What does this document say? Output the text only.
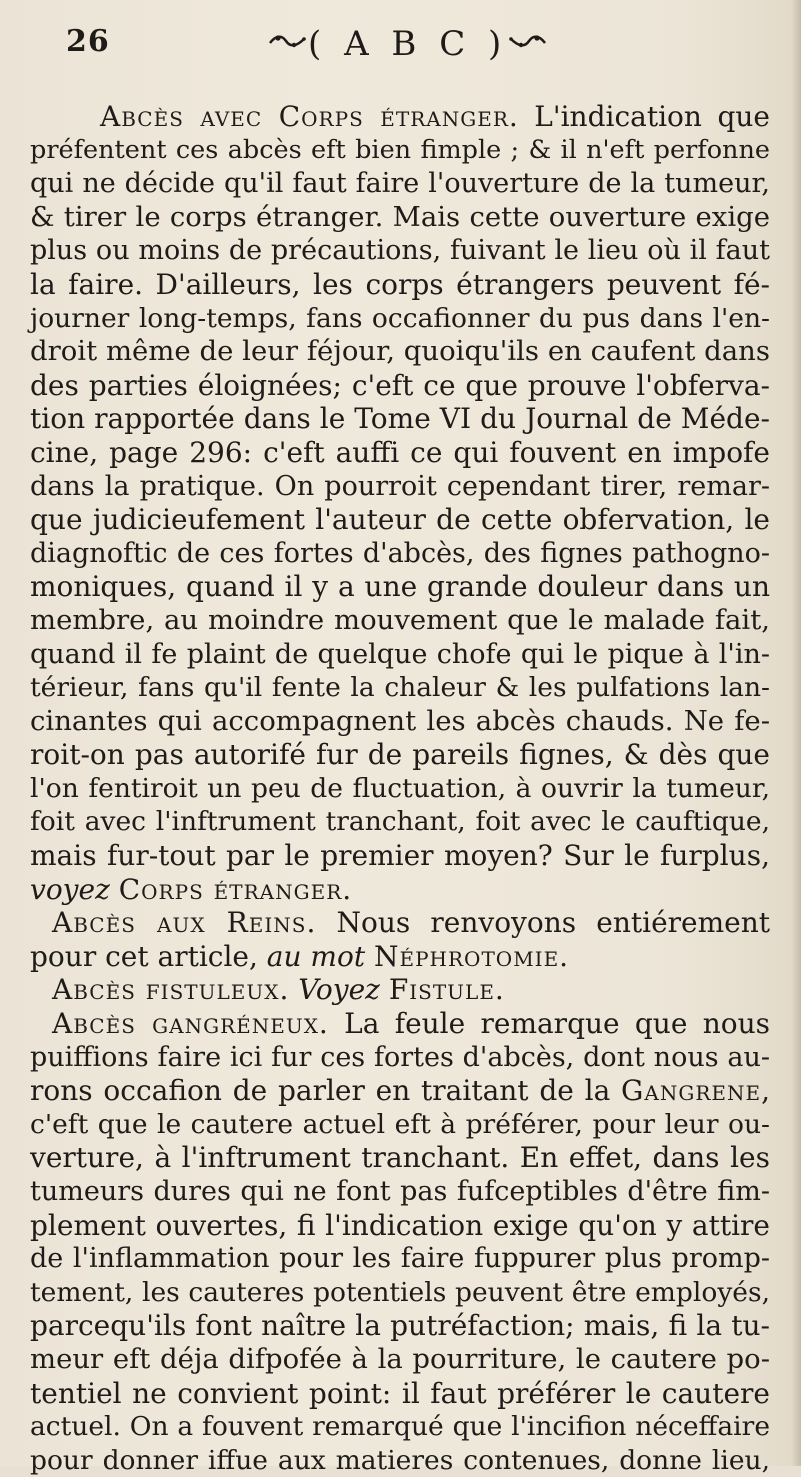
26	( A B C )
Abcès avec Corps étranger. L'indication que
préfentent ces abcès eft bien fimple ; & il n'eft perfonne
qui ne décide qu'il faut faire l'ouverture de la tumeur,
& tirer le corps étranger. Mais cette ouverture exige
plus ou moins de précautions, fuivant le lieu où il faut
la faire. D'ailleurs, les corps étrangers peuvent fé-
journer long-temps, fans occafionner du pus dans l'en-
droit même de leur féjour, quoiqu'ils en caufent dans
des parties éloignées; c'eft ce que prouve l'obferva-
tion rapportée dans le Tome VI du Journal de Méde-
cine, page 296: c'eft auffi ce qui fouvent en impofe
dans la pratique. On pourroit cependant tirer, remar-
que judicieufement l'auteur de cette obfervation, le
diagnoftic de ces fortes d'abcès, des fignes pathogno-
moniques, quand il y a une grande douleur dans un
membre, au moindre mouvement que le malade fait,
quand il fe plaint de quelque chofe qui le pique à l'in-
térieur, fans qu'il fente la chaleur & les pulfations lan-
cinantes qui accompagnent les abcès chauds. Ne fe-
roit-on pas autorifé fur de pareils fignes, & dès que
l'on fentiroit un peu de fluctuation, à ouvrir la tumeur,
foit avec l'inftrument tranchant, foit avec le cauftique,
mais fur-tout par le premier moyen? Sur le furplus,
voyez Corps étranger.
Abcès aux Reins. Nous renvoyons entiérement
pour cet article, au mot Néphrotomie.
Abcès fistuleux. Voyez Fistule.
Abcès gangréneux. La feule remarque que nous
puiffions faire ici fur ces fortes d'abcès, dont nous au-
rons occafion de parler en traitant de la Gangrene,
c'eft que le cautere actuel eft à préférer, pour leur ou-
verture, à l'inftrument tranchant. En effet, dans les
tumeurs dures qui ne font pas fufceptibles d'être fim-
plement ouvertes, fi l'indication exige qu'on y attire
de l'inflammation pour les faire fuppurer plus promp-
tement, les cauteres potentiels peuvent être employés,
parcequ'ils font naître la putréfaction; mais, fi la tu-
meur eft déja difpofée à la pourriture, le cautere po-
tentiel ne convient point: il faut préférer le cautere
actuel. On a fouvent remarqué que l'incifion néceffaire
pour donner iffue aux matieres contenues, donne lieu,
